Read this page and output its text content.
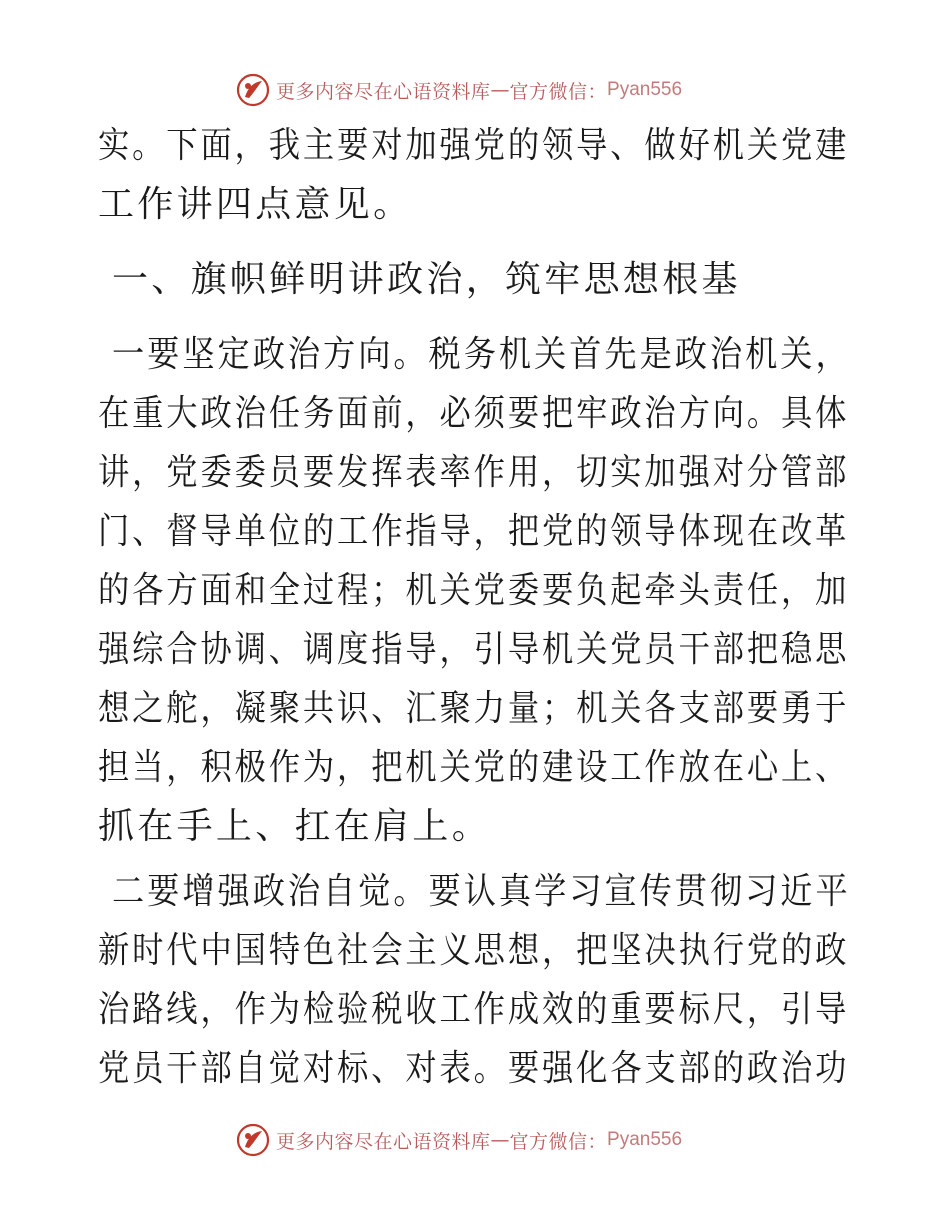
更多内容尽在心语资料库 — 官方微信： Pyan556
实。下面，我主要对加强党的领导、做好机关党建
工作讲四点意见。
一、旗帜鲜明讲政治，筑牢思想根基
一要坚定政治方向。税务机关首先是政治机关，
在重大政治任务面前，必须要把牢政治方向。具体
讲，党委委员要发挥表率作用，切实加强对分管部
门、督导单位的工作指导，把党的领导体现在改革
的各方面和全过程；机关党委要负起牵头责任，加
强综合协调、调度指导，引导机关党员干部把稳思
想之舵，凝聚共识、汇聚力量；机关各支部要勇于
担当，积极作为，把机关党的建设工作放在心上、
抓在手上、扛在肩上。
二要增强政治自觉。要认真学习宣传贯彻习近平
新时代中国特色社会主义思想，把坚决执行党的政
治路线，作为检验税收工作成效的重要标尺，引导
党员干部自觉对标、对表。要强化各支部的政治功
更多内容尽在心语资料库 — 官方微信： Pyan556
